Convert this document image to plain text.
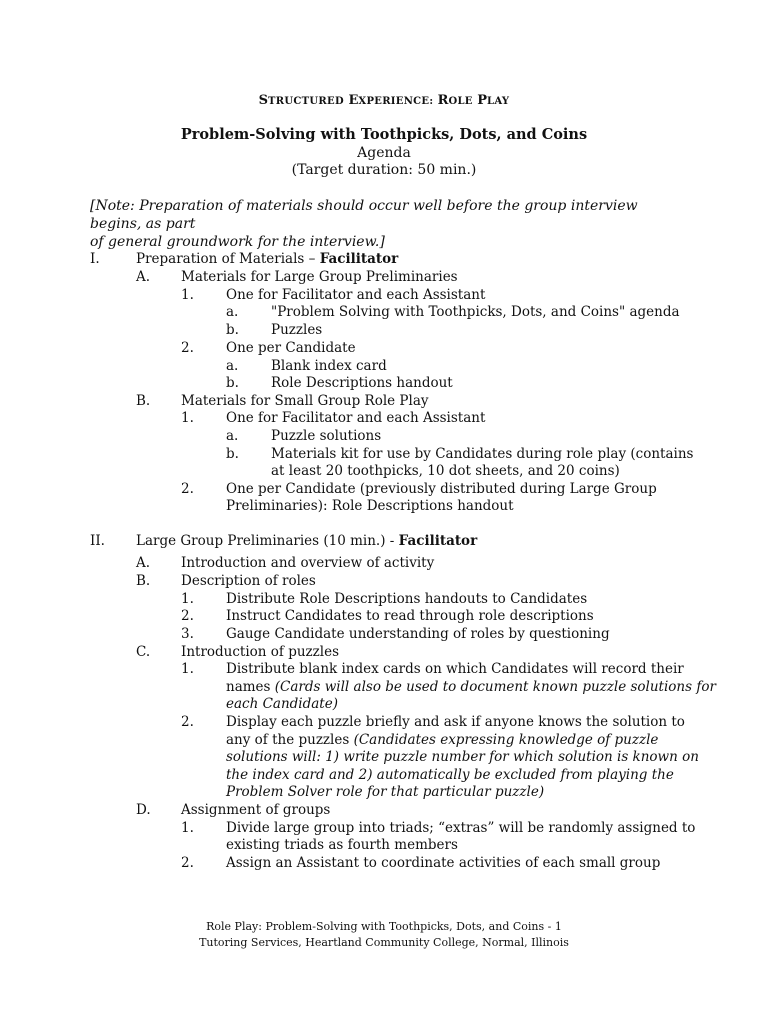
STRUCTURED EXPERIENCE: ROLE PLAY
Problem-Solving with Toothpicks, Dots, and Coins
Agenda
(Target duration: 50 min.)
[Note: Preparation of materials should occur well before the group interview begins, as part
of general groundwork for the interview.]
I.	Preparation of Materials – Facilitator
A. Materials for Large Group Preliminaries
1. One for Facilitator and each Assistant
a. "Problem Solving with Toothpicks, Dots, and Coins" agenda
b. Puzzles
2. One per Candidate
a. Blank index card
b. Role Descriptions handout
B. Materials for Small Group Role Play
1. One for Facilitator and each Assistant
a. Puzzle solutions
b. Materials kit for use by Candidates during role play (contains
at least 20 toothpicks, 10 dot sheets, and 20 coins)
2. One per Candidate (previously distributed during Large Group
Preliminaries): Role Descriptions handout
II. Large Group Preliminaries (10 min.) - Facilitator
A. Introduction and overview of activity
B. Description of roles
1. Distribute Role Descriptions handouts to Candidates
2. Instruct Candidates to read through role descriptions
3. Gauge Candidate understanding of roles by questioning
C. Introduction of puzzles
1. Distribute blank index cards on which Candidates will record their
names (Cards will also be used to document known puzzle solutions for
each Candidate)
2. Display each puzzle briefly and ask if anyone knows the solution to
any of the puzzles (Candidates expressing knowledge of puzzle
solutions will: 1) write puzzle number for which solution is known on
the index card and 2) automatically be excluded from playing the
Problem Solver role for that particular puzzle)
D. Assignment of groups
1. Divide large group into triads; “extras” will be randomly assigned to
existing triads as fourth members
2. Assign an Assistant to coordinate activities of each small group
Role Play: Problem-Solving with Toothpicks, Dots, and Coins - 1
Tutoring Services, Heartland Community College, Normal, Illinois
